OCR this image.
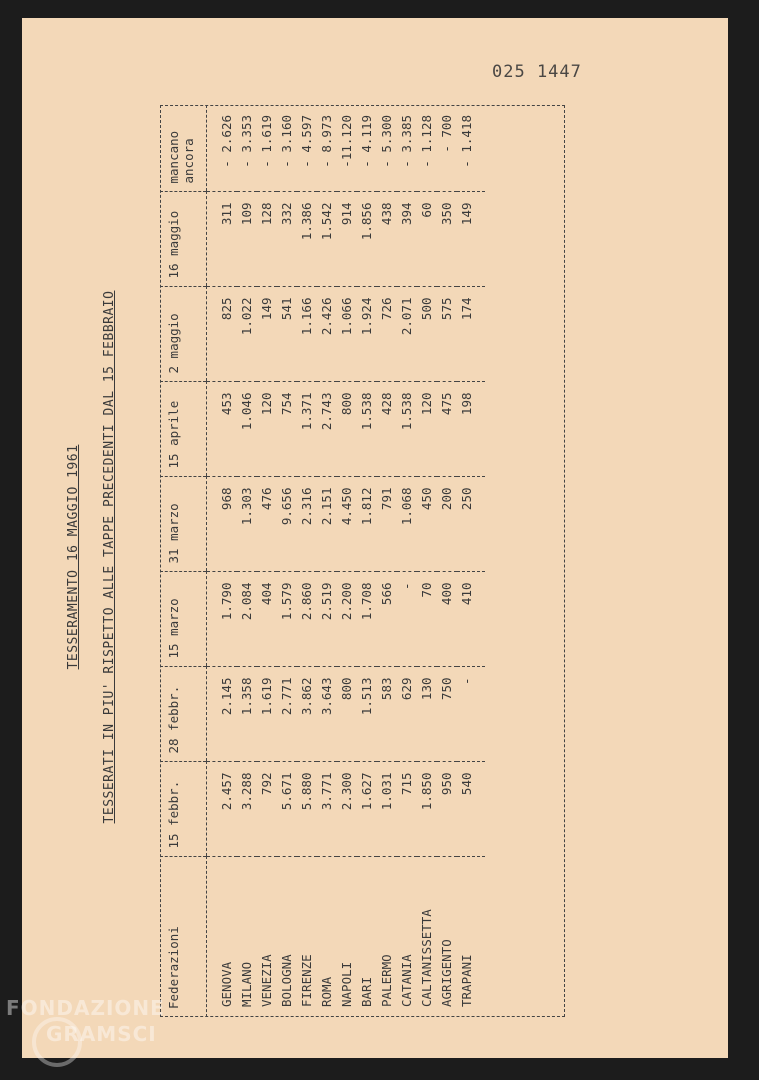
025 1447
TESSERAMENTO 16 MAGGIO 1961 TESSERATI IN PIU' RISPETTO ALLE TAPPE PRECEDENTI DAL 15 FEBBRAIO
Federazioni	15 febbr.	28 febbr.	15 marzo	31 marzo	15 aprile	2 maggio	16 maggio	mancano ancora
GENOVA	2.457	2.145	1.790	968	453	825	311	- 2.626
MILANO	3.288	1.358	2.084	1.303	1.046	1.022	109	- 3.353
VENEZIA	792	1.619	404	476	120	149	128	- 1.619
BOLOGNA	5.671	2.771	1.579	9.656	754	541	332	- 3.160
FIRENZE	5.880	3.862	2.860	2.316	1.371	1.166	1.386	- 4.597
ROMA	3.771	3.643	2.519	2.151	2.743	2.426	1.542	- 8.973
NAPOLI	2.300	800	2.200	4.450	800	1.066	914	-11.120
BARI	1.627	1.513	1.708	1.812	1.538	1.924	1.856	- 4.119
PALERMO	1.031	583	566	791	428	726	438	- 5.300
CATANIA	715	629	-	1.068	1.538	2.071	394	- 3.385
CALTANISSETTA	1.850	130	70	450	120	500	60	- 1.128
AGRIGENTO	950	750	400	200	475	575	350	- 700
TRAPANI	540	-	410	250	198	174	149	- 1.418
FONDAZIONE
GRAMSCI
